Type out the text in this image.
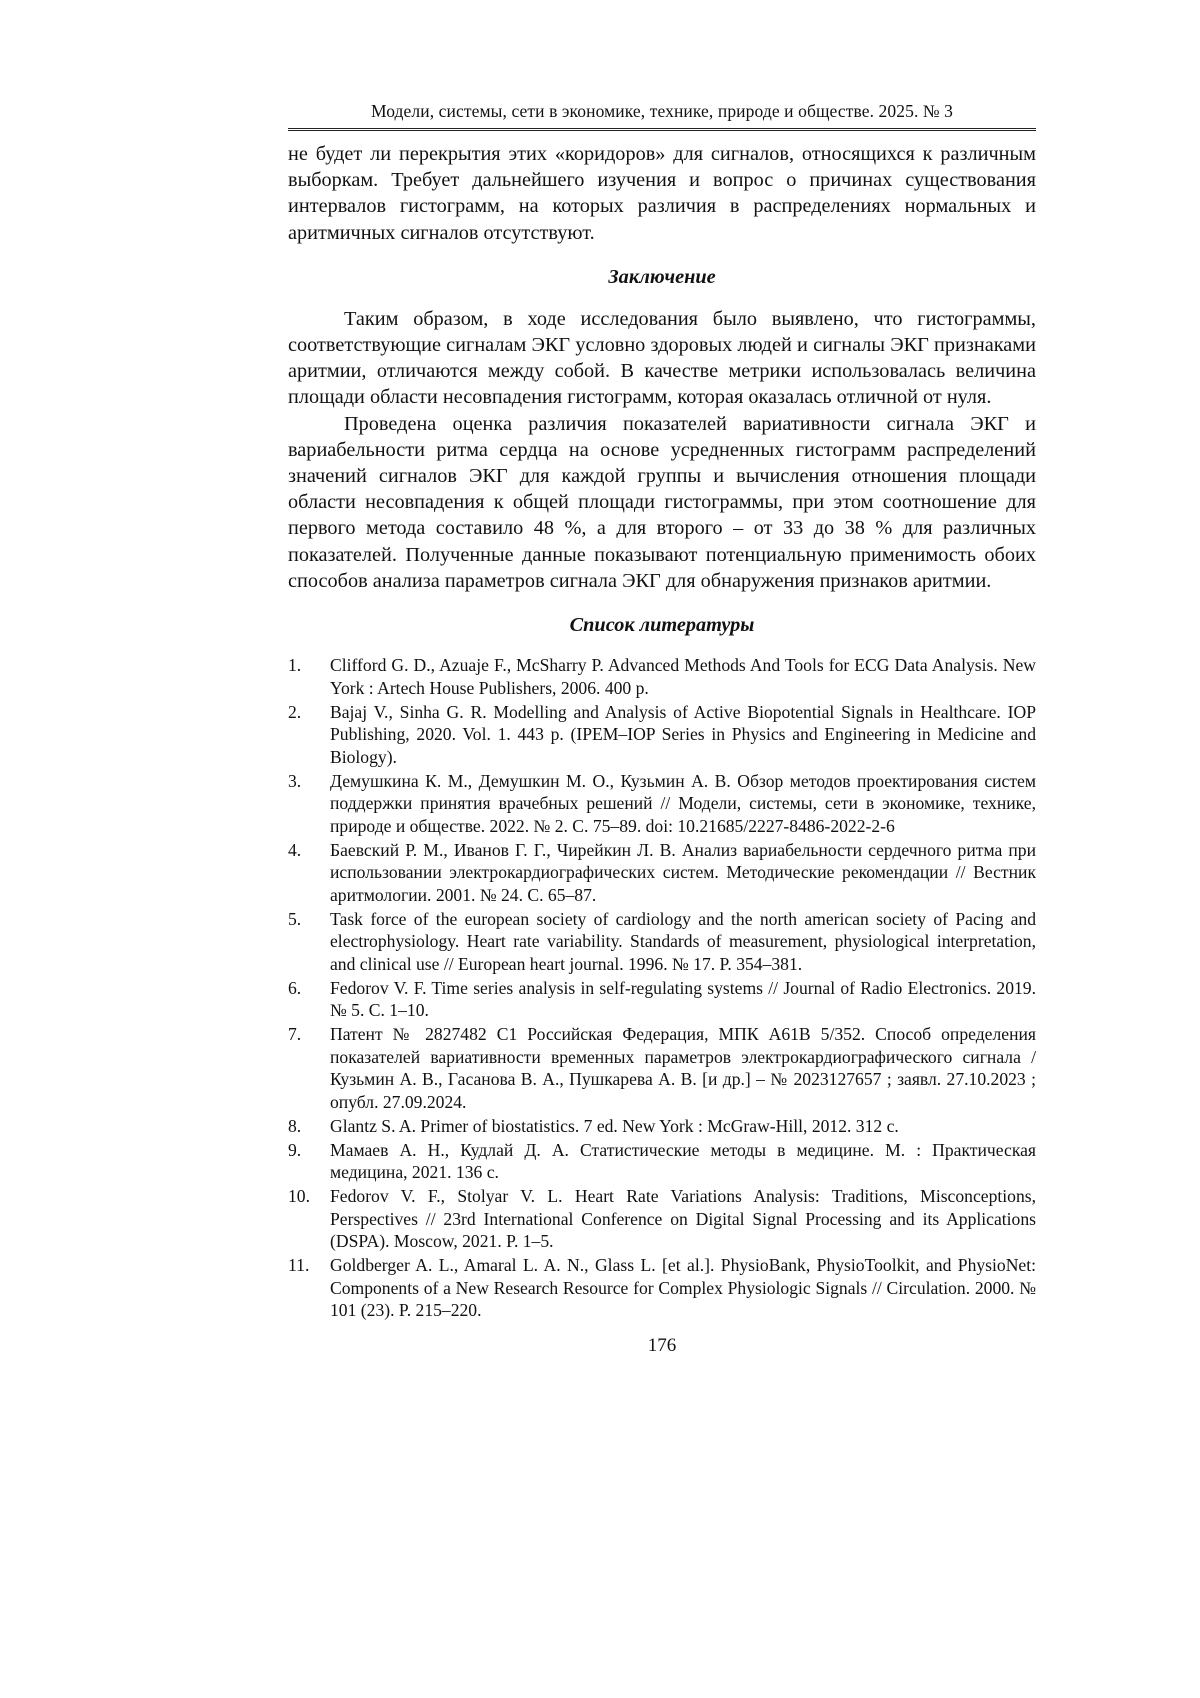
Модели, системы, сети в экономике, технике, природе и обществе. 2025. № 3

не будет ли перекрытия этих «коридоров» для сигналов, относящихся к различным выборкам. Требует дальнейшего изучения и вопрос о причинах существования интервалов гистограмм, на которых различия в распределениях нормальных и аритмичных сигналов отсутствуют.

Заключение

Таким образом, в ходе исследования было выявлено, что гистограммы, соответствующие сигналам ЭКГ условно здоровых людей и сигналы ЭКГ признаками аритмии, отличаются между собой. В качестве метрики использовалась величина площади области несовпадения гистограмм, которая оказалась отличной от нуля.

Проведена оценка различия показателей вариативности сигнала ЭКГ и вариабельности ритма сердца на основе усредненных гистограмм распределений значений сигналов ЭКГ для каждой группы и вычисления отношения площади области несовпадения к общей площади гистограммы, при этом соотношение для первого метода составило 48 %, а для второго – от 33 до 38 % для различных показателей. Полученные данные показывают потенциальную применимость обоих способов анализа параметров сигнала ЭКГ для обнаружения признаков аритмии.

Список литературы
1. Clifford G. D., Azuaje F., McSharry P. Advanced Methods And Tools for ECG Data Analysis. New York : Artech House Publishers, 2006. 400 p.
2. Bajaj V., Sinha G. R. Modelling and Analysis of Active Biopotential Signals in Healthcare. IOP Publishing, 2020. Vol. 1. 443 p. (IPEM–IOP Series in Physics and Engineering in Medicine and Biology).
3. Демушкина К. М., Демушкин М. О., Кузьмин А. В. Обзор методов проектирования систем поддержки принятия врачебных решений // Модели, системы, сети в экономике, технике, природе и обществе. 2022. № 2. С. 75–89. doi: 10.21685/2227-8486-2022-2-6
4. Баевский Р. М., Иванов Г. Г., Чирейкин Л. В. Анализ вариабельности сердечного ритма при использовании электрокардиографических систем. Методические рекомендации // Вестник аритмологии. 2001. № 24. С. 65–87.
5. Task force of the european society of cardiology and the north american society of Pacing and electrophysiology. Heart rate variability. Standards of measurement, physiological interpretation, and clinical use // European heart journal. 1996. № 17. P. 354–381.
6. Fedorov V. F. Time series analysis in self-regulating systems // Journal of Radio Electronics. 2019. № 5. С. 1–10.
7. Патент № 2827482 С1 Российская Федерация, МПК A61B 5/352. Способ определения показателей вариативности временных параметров электрокардиографического сигнала / Кузьмин А. В., Гасанова В. А., Пушкарева А. В. [и др.] – № 2023127657 ; заявл. 27.10.2023 ; опубл. 27.09.2024.
8. Glantz S. A. Primer of biostatistics. 7 ed. New York : McGraw-Hill, 2012. 312 c.
9. Мамаев А. Н., Кудлай Д. А. Статистические методы в медицине. М. : Практическая медицина, 2021. 136 с.
10. Fedorov V. F., Stolyar V. L. Heart Rate Variations Analysis: Traditions, Misconceptions, Perspectives // 23rd International Conference on Digital Signal Processing and its Applications (DSPA). Moscow, 2021. P. 1–5.
11. Goldberger A. L., Amaral L. A. N., Glass L. [et al.]. PhysioBank, PhysioToolkit, and PhysioNet: Components of a New Research Resource for Complex Physiologic Signals // Circulation. 2000. № 101 (23). P. 215–220.
176
